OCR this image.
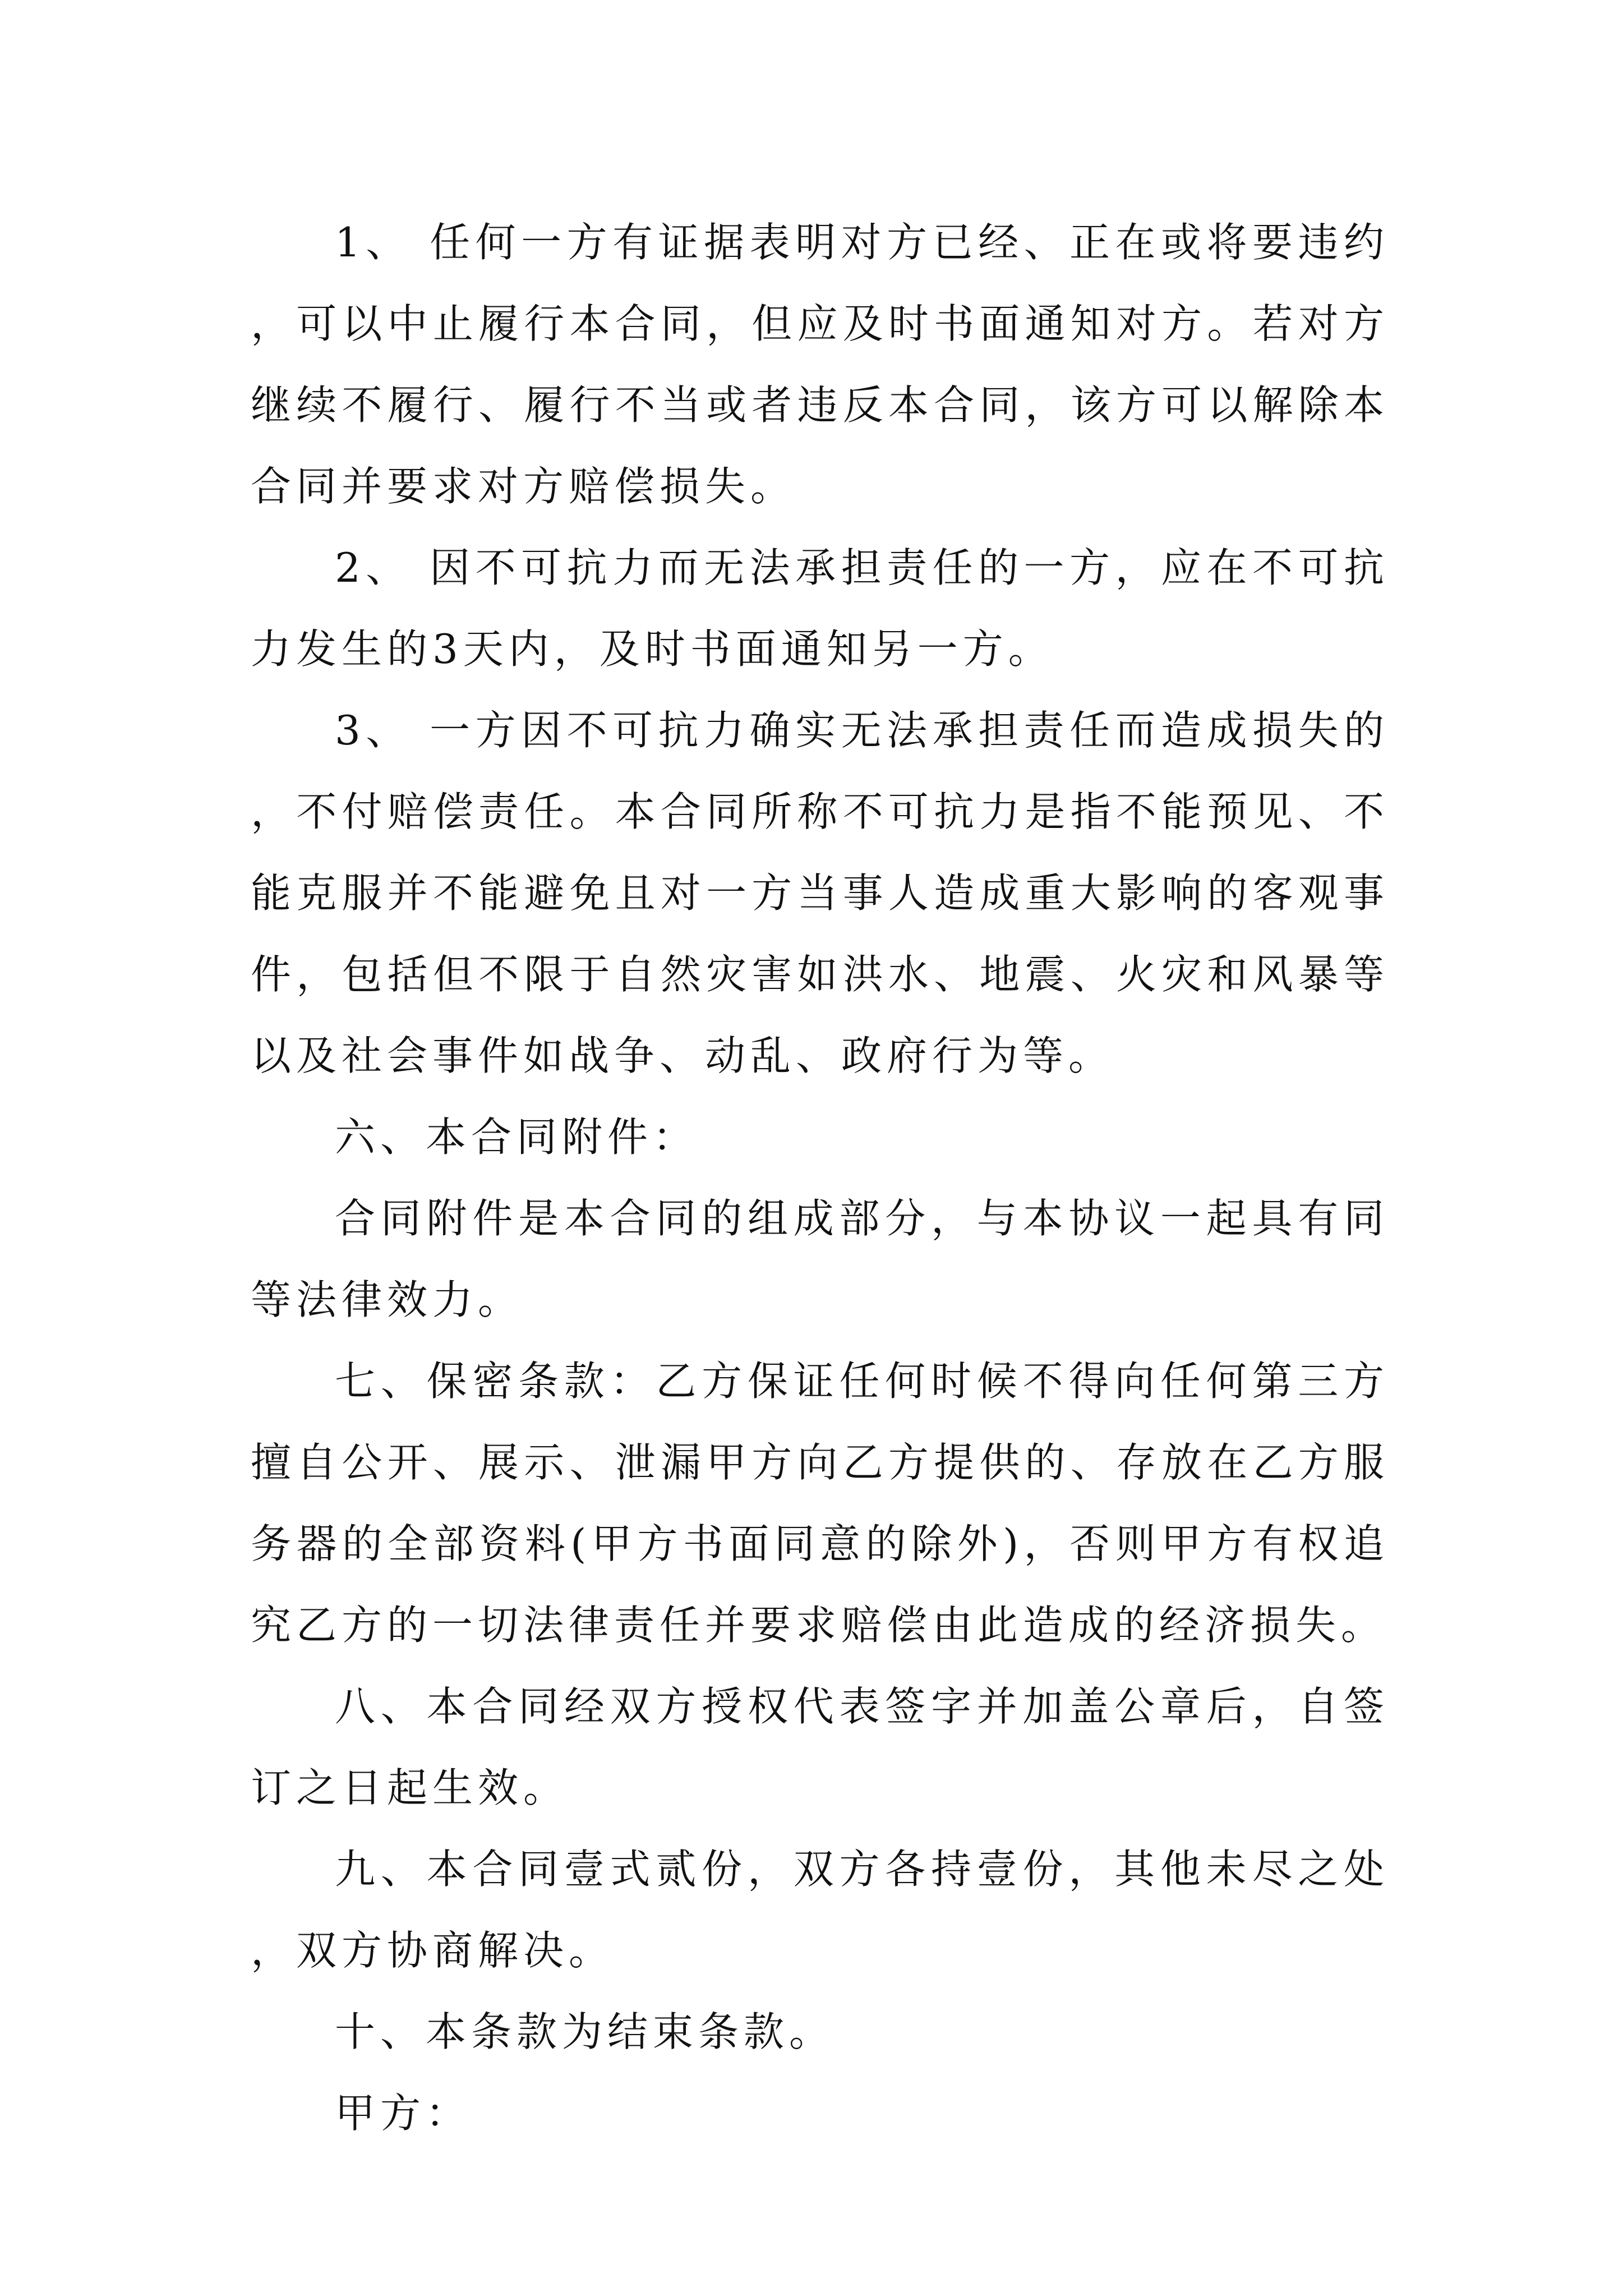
1、 任何一方有证据表明对方已经、正在或将要违约，可以中止履行本合同，但应及时书面通知对方。若对方继续不履行、履行不当或者违反本合同，该方可以解除本合同并要求对方赔偿损失。

2、 因不可抗力而无法承担责任的一方，应在不可抗力发生的3天内，及时书面通知另一方。

3、 一方因不可抗力确实无法承担责任而造成损失的，不付赔偿责任。本合同所称不可抗力是指不能预见、不能克服并不能避免且对一方当事人造成重大影响的客观事件，包括但不限于自然灾害如洪水、地震、火灾和风暴等以及社会事件如战争、动乱、政府行为等。

六、本合同附件：

合同附件是本合同的组成部分，与本协议一起具有同等法律效力。

七、保密条款：乙方保证任何时候不得向任何第三方擅自公开、展示、泄漏甲方向乙方提供的、存放在乙方服务器的全部资料(甲方书面同意的除外)，否则甲方有权追究乙方的一切法律责任并要求赔偿由此造成的经济损失。

八、本合同经双方授权代表签字并加盖公章后，自签订之日起生效。

九、本合同壹式贰份，双方各持壹份，其他未尽之处，双方协商解决。

十、本条款为结束条款。

甲方：
